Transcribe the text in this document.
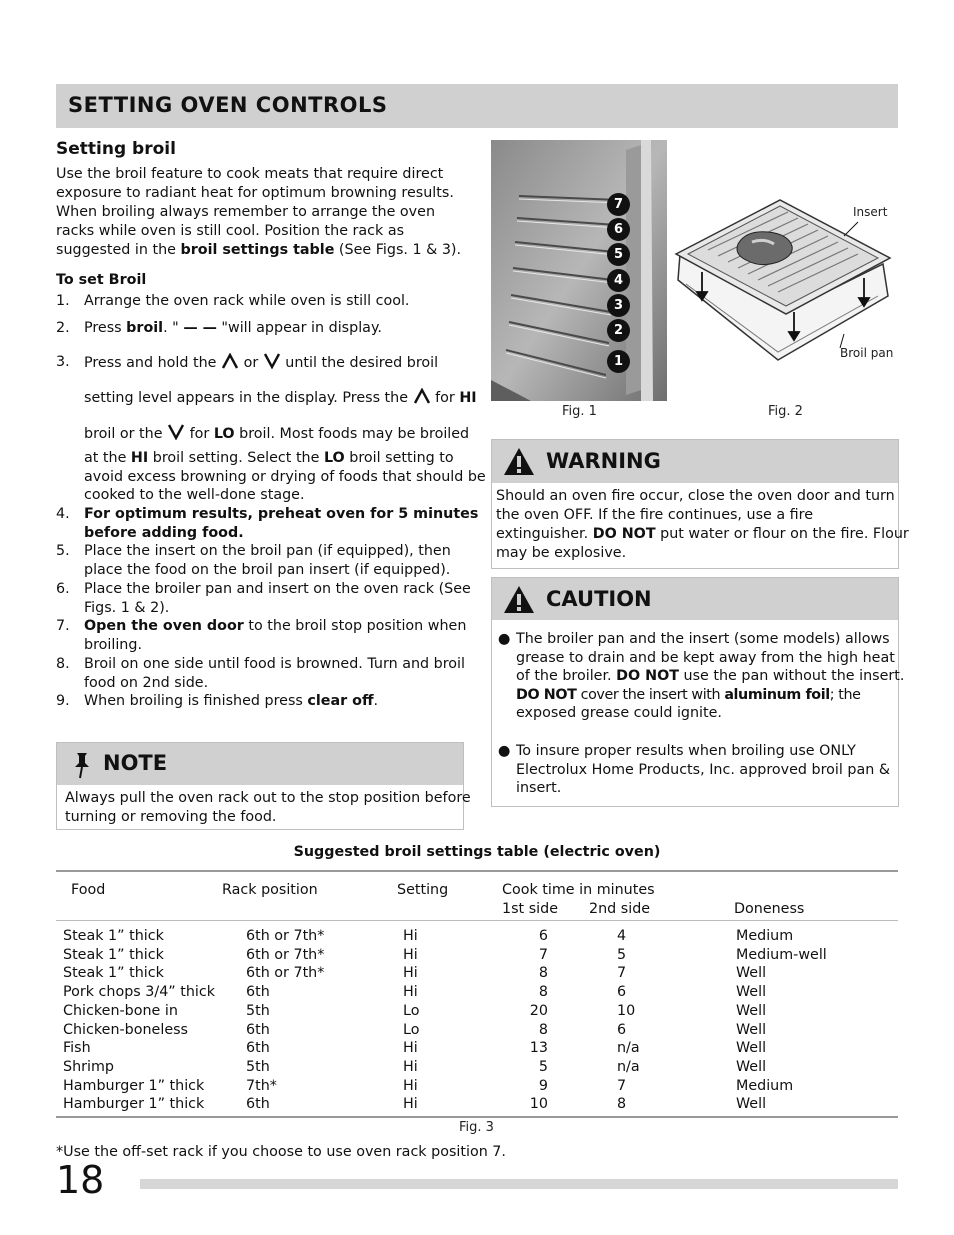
SETTING OVEN CONTROLS
Setting broil
Use the broil feature to cook meats that require direct
exposure to radiant heat for optimum browning results.
When broiling always remember to arrange the oven
racks while oven is still cool. Position the rack as
suggested in the broil settings table (See Figs. 1 & 3).
To set Broil
1.	Arrange the oven rack while oven is still cool.
2.	Press broil. " — — "will appear in display.
3.	Press and hold the  or  until the desired broil
setting level appears in the display. Press the  for HI
broil or the  for LO broil. Most foods may be broiled
at the HI broil setting. Select the LO broil setting to
avoid excess browning or drying of foods that should be
cooked to the well-done stage.
4.	For optimum results, preheat oven for 5 minutes
before adding food.
5.	Place the insert on the broil pan (if equipped), then
place the food on the broil pan insert (if equipped).
6.	Place the broiler pan and insert on the oven rack (See
Figs. 1 & 2).
7.	Open the oven door to the broil stop position when
broiling.
8.	Broil on one side until food is browned. Turn and broil
food on 2nd side.
9.	When broiling is finished press clear off.
NOTE
Always pull the oven rack out to the stop position before
turning or removing the food.
7
6
5
4
3
2
1
Fig. 1	Fig. 2
Insert
Broil pan
WARNING
Should an oven fire occur, close the oven door and turn
the oven OFF. If the fire continues, use a fire
extinguisher. DO NOT put water or flour on the fire. Flour
may be explosive.
CAUTION
● The broiler pan and the insert (some models) allows
grease to drain and be kept away from the high heat
of the broiler. DO NOT use the pan without the insert.
DO NOT cover the insert with aluminum foil; the
exposed grease could ignite.
● To insure proper results when broiling use ONLY
Electrolux Home Products, Inc. approved broil pan &
insert.
Suggested broil settings table (electric oven)
Food	Rack position	Setting	Cook time in minutes
1st side 2nd side	Doneness
Steak 1” thick	6th or 7th*	Hi	6	4	Medium
Steak 1” thick	6th or 7th*	Hi	7	5	Medium-well
Steak 1” thick	6th or 7th*	Hi	8	7	Well
Pork chops 3/4” thick 6th	Hi	8	6	Well
Chicken-bone in	5th	Lo	20	10	Well
Chicken-boneless	6th	Lo	8	6	Well
Fish	6th	Hi	13	n/a	Well
Shrimp	5th	Hi	5	n/a	Well
Hamburger 1” thick	7th*	Hi	9	7	Medium
Hamburger 1” thick	6th	Hi	10	8	Well
Fig. 3
*Use the off-set rack if you choose to use oven rack position 7.
18
